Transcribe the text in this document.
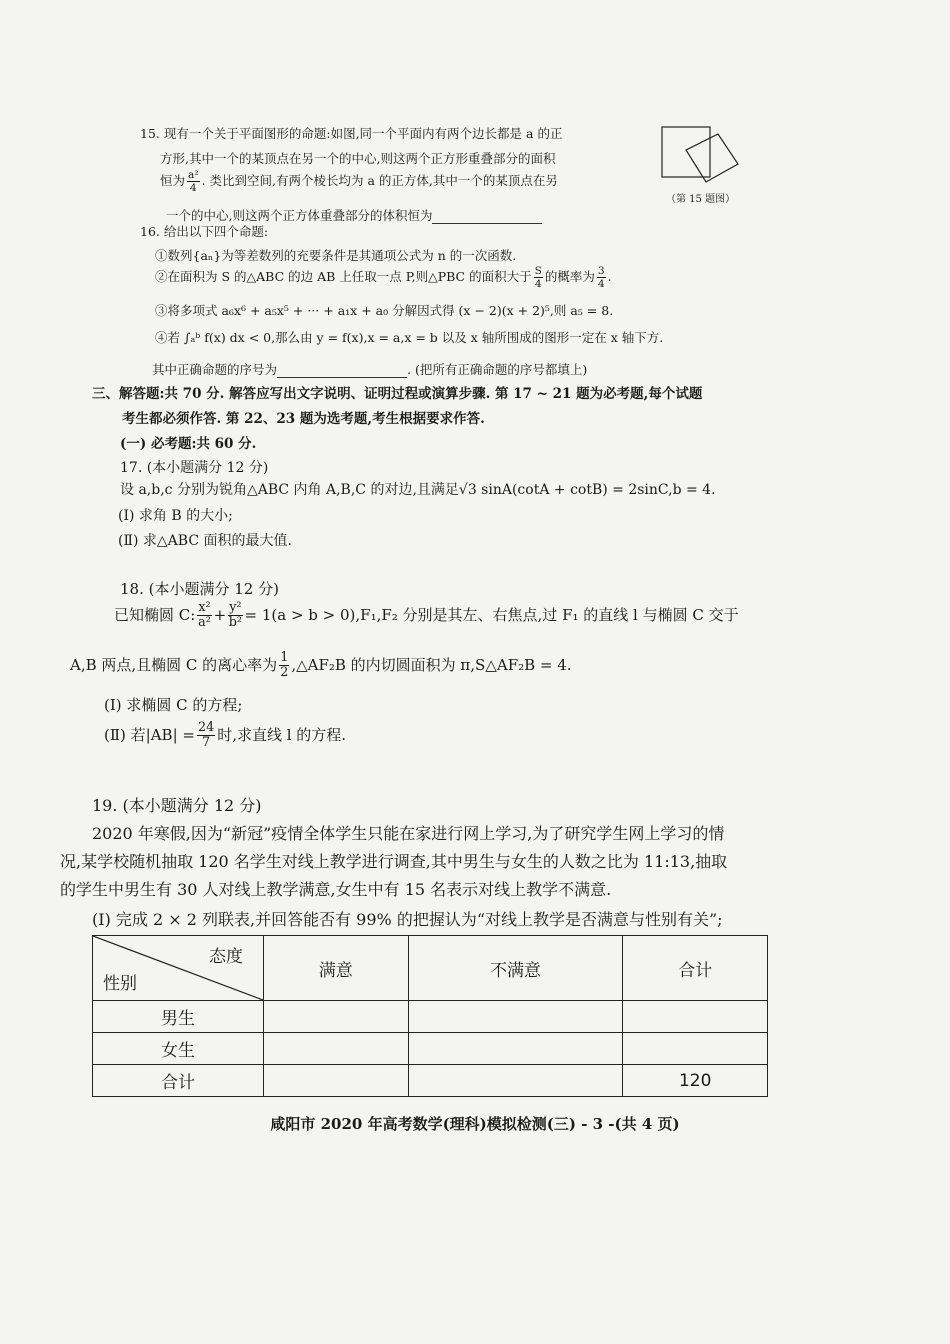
15. 现有一个关于平面图形的命题:如图,同一个平面内有两个边长都是 a 的正
方形,其中一个的某顶点在另一个的中心,则这两个正方形重叠部分的面积
恒为 $\frac{\text{a²}}{4}$ . 类比到空间,有两个棱长均为 a 的正方体,其中一个的某顶点在另
一个的中心,则这两个正方体重叠部分的体积恒为
（第 15 题图）
16. 给出以下四个命题:
①数列{aₙ}为等差数列的充要条件是其通项公式为 n 的一次函数.
②在面积为 S 的△ABC 的边 AB 上任取一点 P,则△PBC 的面积大于 $\frac{S}{4}$ 的概率为 $\frac{3}{4}$ .
③将多项式 a₆x⁶ + a₅x⁵ + ··· + a₁x + a₀ 分解因式得 (x − 2)(x + 2)⁵,则 a₅ = 8.
④若 ∫ₐᵇ f(x) dx < 0,那么由 y = f(x),x = a,x = b 以及 x 轴所围成的图形一定在 x 轴下方.
其中正确命题的序号为	. (把所有正确命题的序号都填上)
三、解答题:共 70 分. 解答应写出文字说明、证明过程或演算步骤. 第 17 ~ 21 题为必考题,每个试题
考生都必须作答. 第 22、23 题为选考题,考生根据要求作答.
(一) 必考题:共 60 分.
17. (本小题满分 12 分)
设 a,b,c 分别为锐角△ABC 内角 A,B,C 的对边,且满足√3 sinA(cotA + cotB) = 2sinC,b = 4.
(Ⅰ) 求角 B 的大小;
(Ⅱ) 求△ABC 面积的最大值.
18. (本小题满分 12 分)
已知椭圆 C: $\frac{\text{x²}}{\text{a²}} + \frac{\text{y²}}{\text{b²}} = 1(a > b > 0),F_1,F_2$ 分别是其左、右焦点,过 F₁ 的直线 l 与椭圆 C 交于
A,B 两点,且椭圆 C 的离心率为 $\frac{1}{2}$ ,△AF₂B 的内切圆面积为 π,S△AF₂B = 4.
(Ⅰ) 求椭圆 C 的方程;
(Ⅱ) 若$|AB| = \frac{24}{7}$ 时,求直线 l 的方程.
19. (本小题满分 12 分)
2020 年寒假,因为“新冠”疫情全体学生只能在家进行网上学习,为了研究学生网上学习的情
况,某学校随机抽取 120 名学生对线上教学进行调查,其中男生与女生的人数之比为 11:13,抽取
的学生中男生有 30 人对线上教学满意,女生中有 15 名表示对线上教学不满意.
(Ⅰ) 完成 2 × 2 列联表,并回答能否有 99% 的把握认为“对线上教学是否满意与性别有关”;
态度
性别	满意	不满意	合计
男生			
女生			
合计			120
咸阳市 2020 年高考数学(理科)模拟检测(三) - 3 -(共 4 页)
